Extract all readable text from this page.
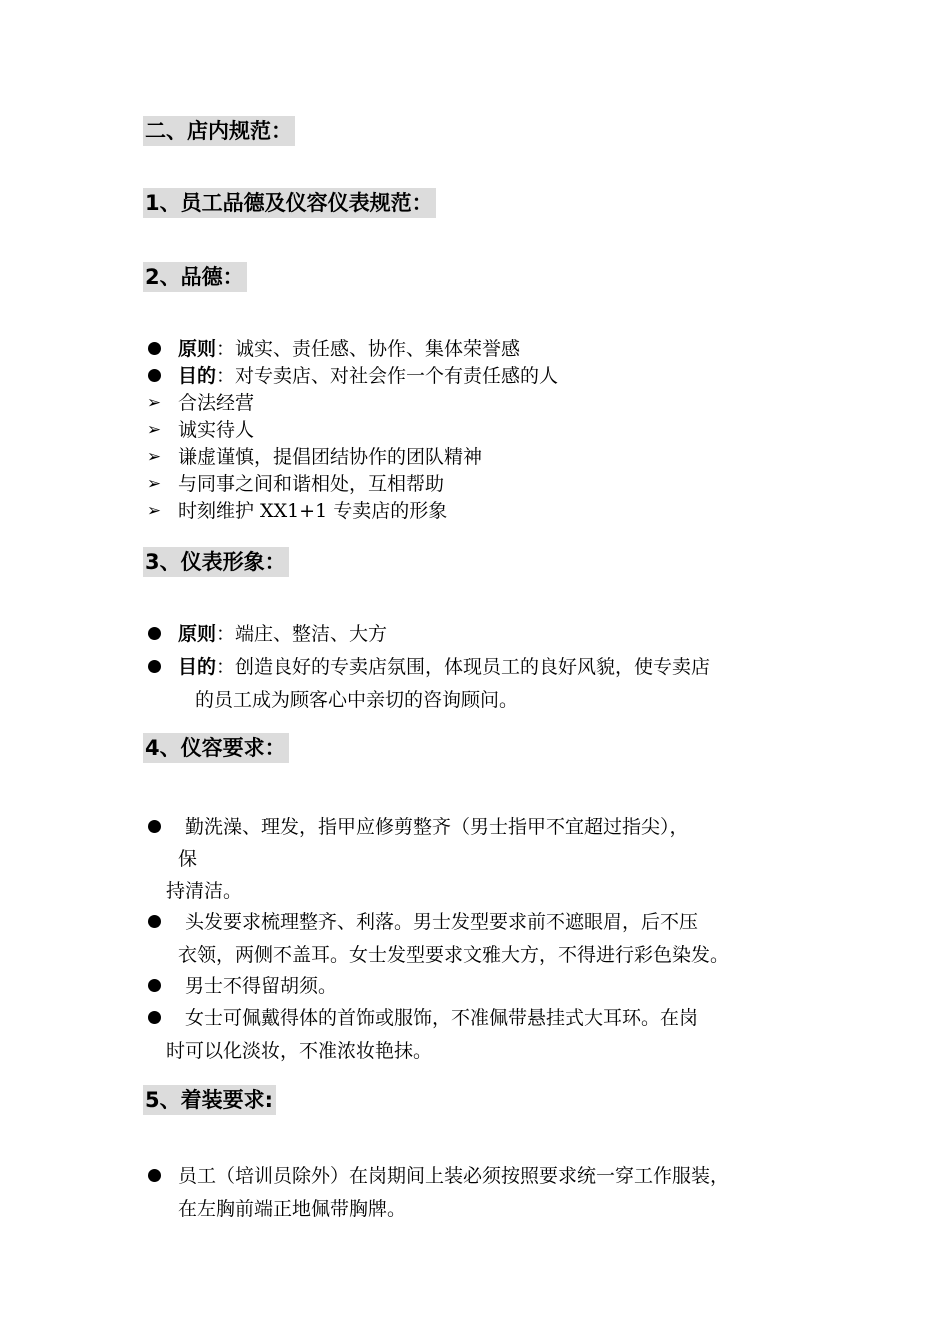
二、店内规范：
1、员工品德及仪容仪表规范：
2、品德：
原则：诚实、责任感、协作、集体荣誉感
目的：对专卖店、对社会作一个有责任感的人
➢ 合法经营
➢ 诚实待人
➢ 谦虚谨慎，提倡团结协作的团队精神
➢ 与同事之间和谐相处，互相帮助
➢ 时刻维护 XX1+1 专卖店的形象
3、仪表形象：
原则：端庄、整洁、大方
目的：创造良好的专卖店氛围，体现员工的良好风貌，使专卖店
的员工成为顾客心中亲切的咨询顾问。
4、仪容要求：
勤洗澡、理发，指甲应修剪整齐（男士指甲不宜超过指尖），
保
持清洁。
头发要求梳理整齐、利落。男士发型要求前不遮眼眉，后不压
衣领，两侧不盖耳。女士发型要求文雅大方，不得进行彩色染发。
男士不得留胡须。
女士可佩戴得体的首饰或服饰，不准佩带悬挂式大耳环。在岗
时可以化淡妆，不准浓妆艳抹。
5、着装要求:
员工（培训员除外）在岗期间上装必须按照要求统一穿工作服装，
在左胸前端正地佩带胸牌。
